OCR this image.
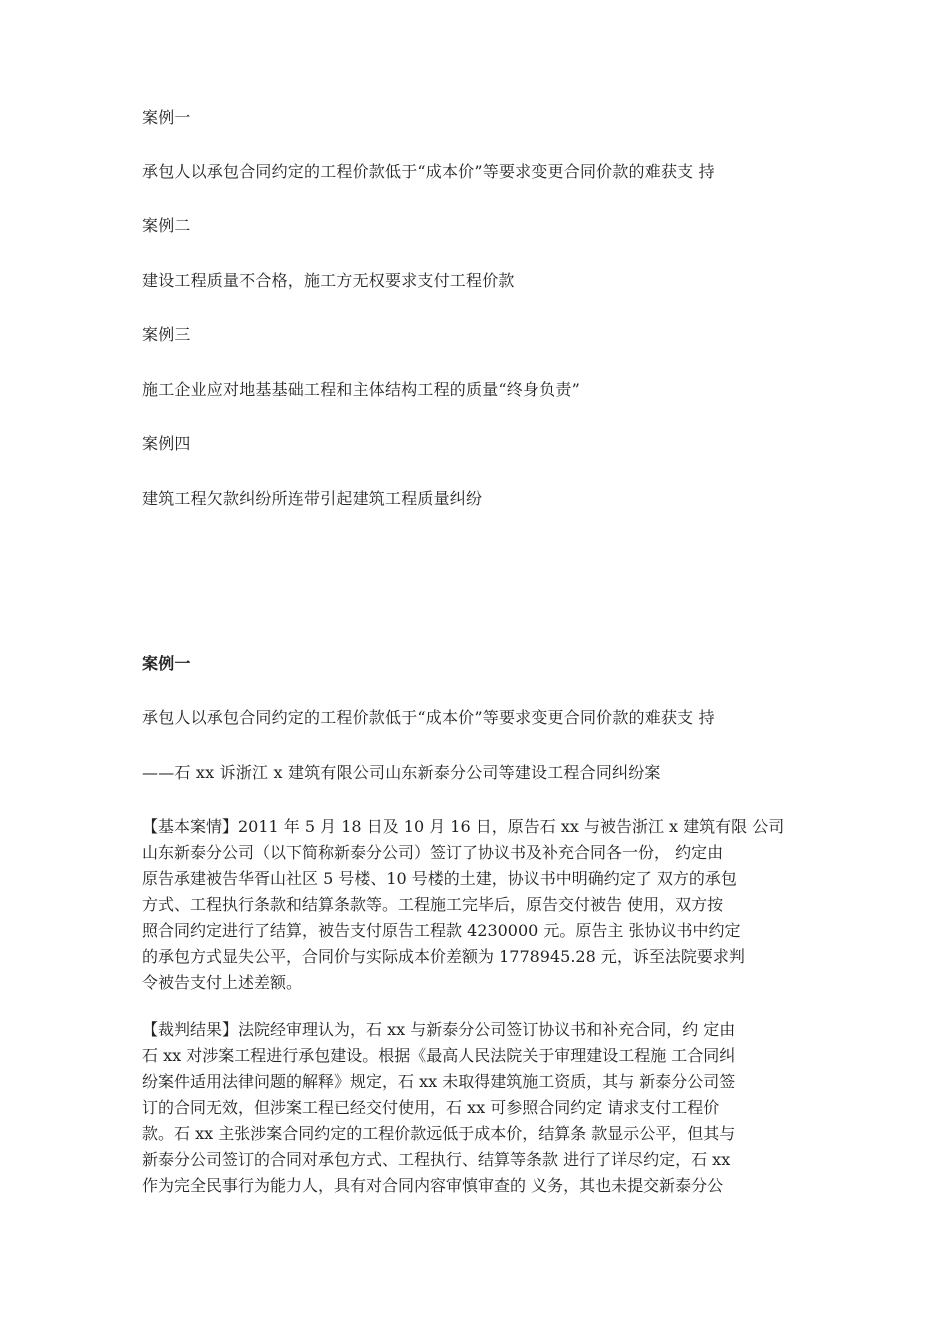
案例一
承包人以承包合同约定的工程价款低于“成本价”等要求变更合同价款的难获支 持
案例二
建设工程质量不合格，施工方无权要求支付工程价款
案例三
施工企业应对地基基础工程和主体结构工程的质量“终身负责”
案例四
建筑工程欠款纠纷所连带引起建筑工程质量纠纷
案例一
承包人以承包合同约定的工程价款低于“成本价”等要求变更合同价款的难获支 持
——石 xx 诉浙江 x 建筑有限公司山东新泰分公司等建设工程合同纠纷案
【基本案情】2011 年 5 月 18 日及 10 月 16 日，原告石 xx 与被告浙江 x 建筑有限 公司
山东新泰分公司（以下简称新泰分公司）签订了协议书及补充合同各一份， 约定由
原告承建被告华胥山社区 5 号楼、10 号楼的土建，协议书中明确约定了 双方的承包
方式、工程执行条款和结算条款等。工程施工完毕后，原告交付被告 使用，双方按
照合同约定进行了结算，被告支付原告工程款 4230000 元。原告主 张协议书中约定
的承包方式显失公平，合同价与实际成本价差额为 1778945.28 元，诉至法院要求判
令被告支付上述差额。
【裁判结果】法院经审理认为，石 xx 与新泰分公司签订协议书和补充合同，约 定由
石 xx 对涉案工程进行承包建设。根据《最高人民法院关于审理建设工程施 工合同纠
纷案件适用法律问题的解释》规定，石 xx 未取得建筑施工资质，其与 新泰分公司签
订的合同无效，但涉案工程已经交付使用，石 xx 可参照合同约定 请求支付工程价
款。石 xx 主张涉案合同约定的工程价款远低于成本价，结算条 款显示公平，但其与
新泰分公司签订的合同对承包方式、工程执行、结算等条款 进行了详尽约定，石 xx
作为完全民事行为能力人，具有对合同内容审慎审查的 义务，其也未提交新泰分公
